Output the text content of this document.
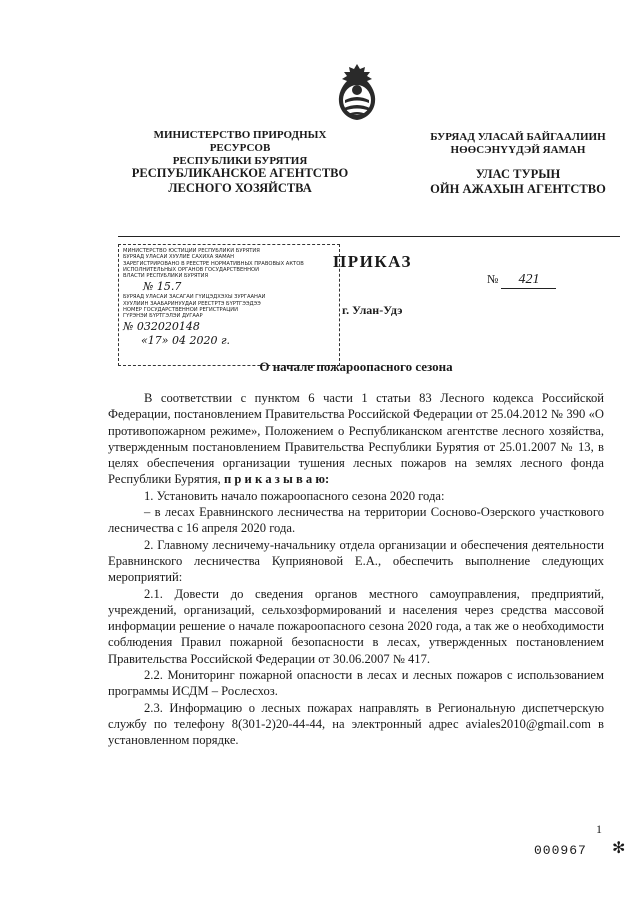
МИНИСТЕРСТВО ПРИРОДНЫХ РЕСУРСОВ
РЕСПУБЛИКИ БУРЯТИЯ
РЕСПУБЛИКАНСКОЕ АГЕНТСТВО
ЛЕСНОГО ХОЗЯЙСТВА
БУРЯАД УЛАСАЙ БАЙГААЛИИН
НӨӨСЭНҮҮДЭЙ ЯАМАН
УЛАС ТУРЫН
ОЙН АЖАХЫН АГЕНТСТВО
МИНИСТЕРСТВО ЮСТИЦИИ РЕСПУБЛИКИ БУРЯТИЯ
БУРЯАД УЛАСАЙ ХУУЛИЕ САХИХА ЯАМАН
ЗАРЕГИСТРИРОВАНО В РЕЕСТРЕ НОРМАТИВНЫХ ПРАВОВЫХ АКТОВ
ИСПОЛНИТЕЛЬНЫХ ОРГАНОВ ГОСУДАРСТВЕННОЙ
ВЛАСТИ РЕСПУБЛИКИ БУРЯТИЯ
№ 15.7
БУРЯАД УЛАСАЙ ЗАСАГАЙ ГҮЙЦЭДХЭХЫ ЗУРГААНАЙ
ХУУЛИИН ЗААБАРИНУУДАЙ РЕЕСТРТЭ БҮРТГЭЭДЭЭ
НОМЕР ГОСУДАРСТВЕННОЙ РЕГИСТРАЦИИ
ГҮРЭНЭЙ БҮРТГЭЛЭЙ ДУГААР
№ 032020148
«17» 04 2020 г.
ПРИКАЗ
№ 421
г. Улан-Удэ
О начале пожароопасного сезона

В соответствии с пунктом 6 части 1 статьи 83 Лесного кодекса Российской Федерации, постановлением Правительства Российской Федерации от 25.04.2012 № 390 «О противопожарном режиме», Положением о Республиканском агентстве лесного хозяйства, утвержденным постановлением Правительства Республики Бурятия от 25.01.2007 № 13, в целях обеспечения организации тушения лесных пожаров на землях лесного фонда Республики Бурятия, п р и к а з ы в а ю:

1. Установить начало пожароопасного сезона 2020 года:

– в лесах Еравнинского лесничества на территории Сосново-Озерского участкового лесничества с 16 апреля 2020 года.

2. Главному лесничему-начальнику отдела организации и обеспечения деятельности Еравнинского лесничества Куприяновой Е.А., обеспечить выполнение следующих мероприятий:

2.1. Довести до сведения органов местного самоуправления, предприятий, учреждений, организаций, сельхозформирований и населения через средства массовой информации решение о начале пожароопасного сезона 2020 года, а так же о необходимости соблюдения Правил пожарной безопасности в лесах, утвержденных постановлением Правительства Российской Федерации от 30.06.2007 № 417.

2.2. Мониторинг пожарной опасности в лесах и лесных пожаров с использованием программы ИСДМ – Рослесхоз.

2.3. Информацию о лесных пожарах направлять в Региональную диспетчерскую службу по телефону 8(301-2)20-44-44, на электронный адрес aviales2010@gmail.com в установленном порядке.

1
000967 ✻
